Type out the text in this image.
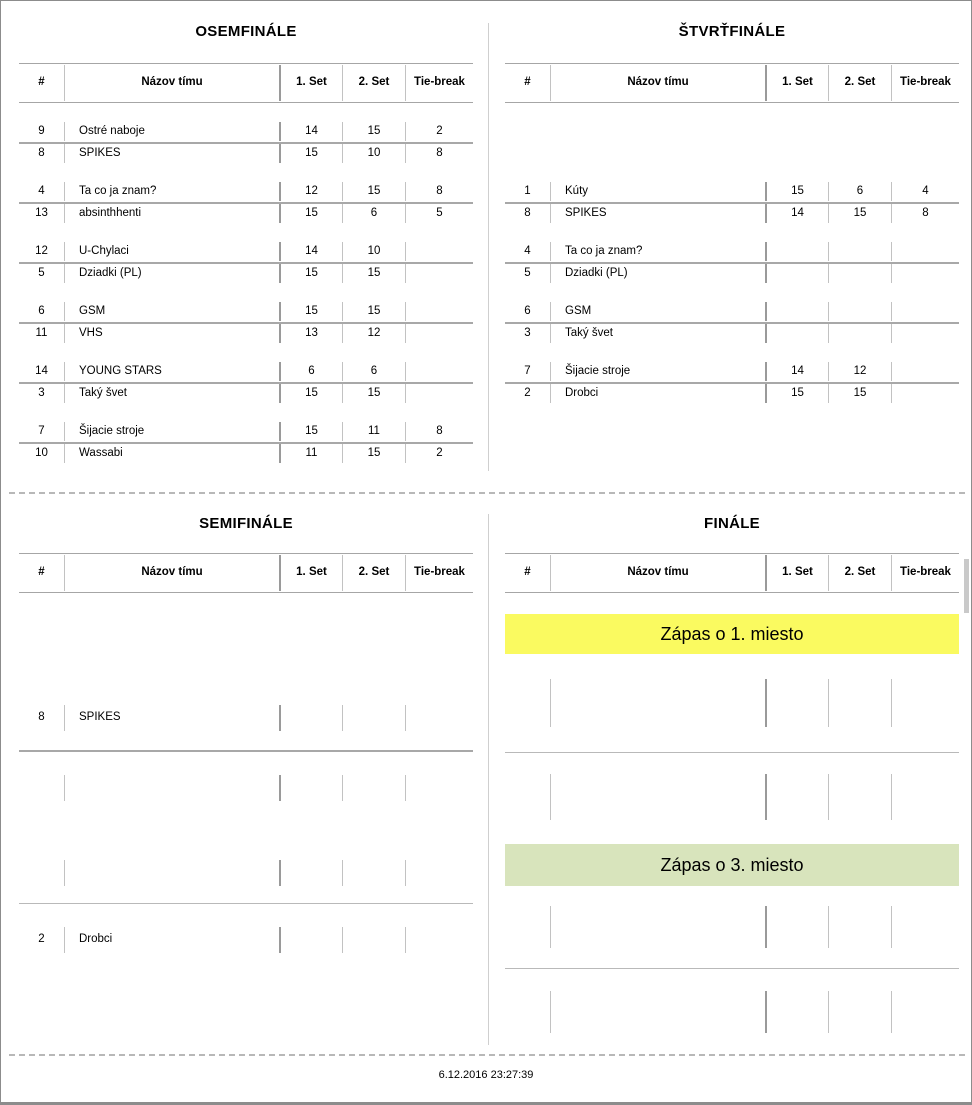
OSEMFINÁLE
#	Názov tímu	1. Set	2. Set	Tie-break
9	Ostré naboje	14	15	2
8	SPIKES	15	10	8
4	Ta co ja znam?	12	15	8
13	absinthhenti	15	6	5
12	U-Chylaci	14	10
5	Dziadki (PL)	15	15
6	GSM	15	15
11	VHS	13	12
14	YOUNG STARS	6	6
3	Taký švet	15	15
7	Šijacie stroje	15	11	8
10	Wassabi	11	15	2
SEMIFINÁLE
#	Názov tímu	1. Set	2. Set	Tie-break
8	SPIKES
2	Drobci
ŠTVRŤFINÁLE
#	Názov tímu	1. Set	2. Set	Tie-break
1	Kúty	15	6	4
8	SPIKES	14	15	8
4	Ta co ja znam?
5	Dziadki (PL)
6	GSM
3	Taký švet
7	Šijacie stroje	14	12
2	Drobci	15	15
FINÁLE
#	Názov tímu	1. Set	2. Set	Tie-break
Zápas o 1. miesto
Zápas o 3. miesto
6.12.2016 23:27:39
